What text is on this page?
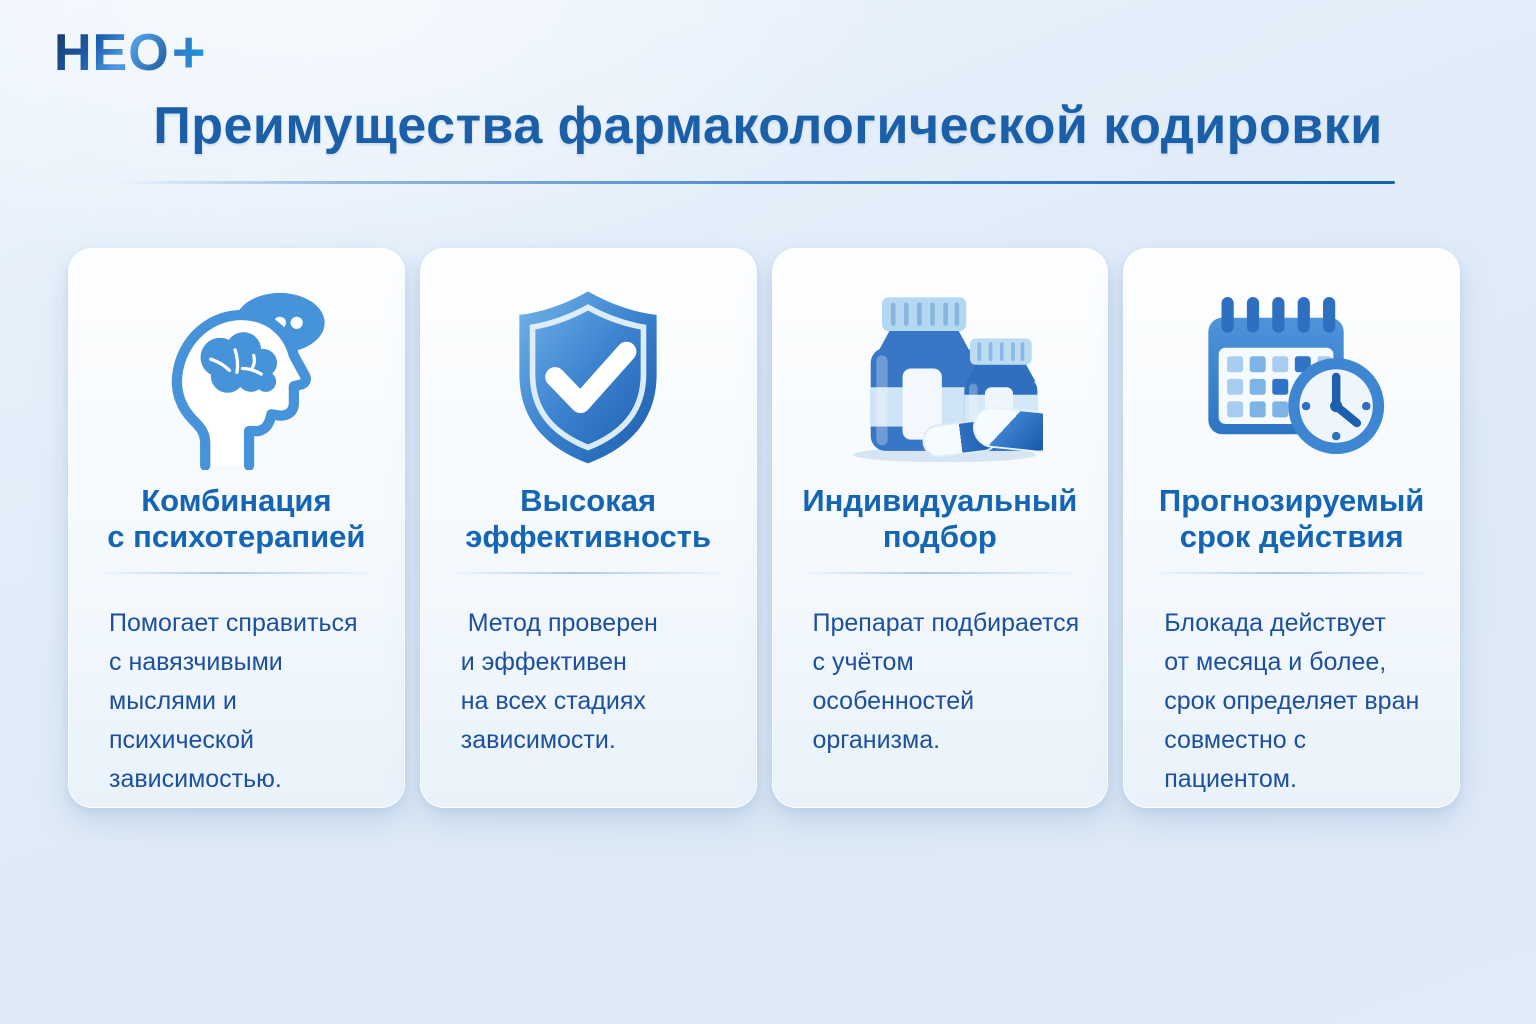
НЕО +
Преимущества фармакологической кодировки
Комбинация
с психотерапией
Помогает справиться
с навязчивыми
мыслями и психической
зависимостью.
Высокая
эффективность
Метод проверен
и эффективен
на всех стадиях
зависимости.
Индивидуальный
подбор
Препарат подбирается
с учётом
особенностей организма.
Прогнозируемый
срок действия
Блокада действует
от месяца и более,
срок определяет вран
совместно с пациентом.
